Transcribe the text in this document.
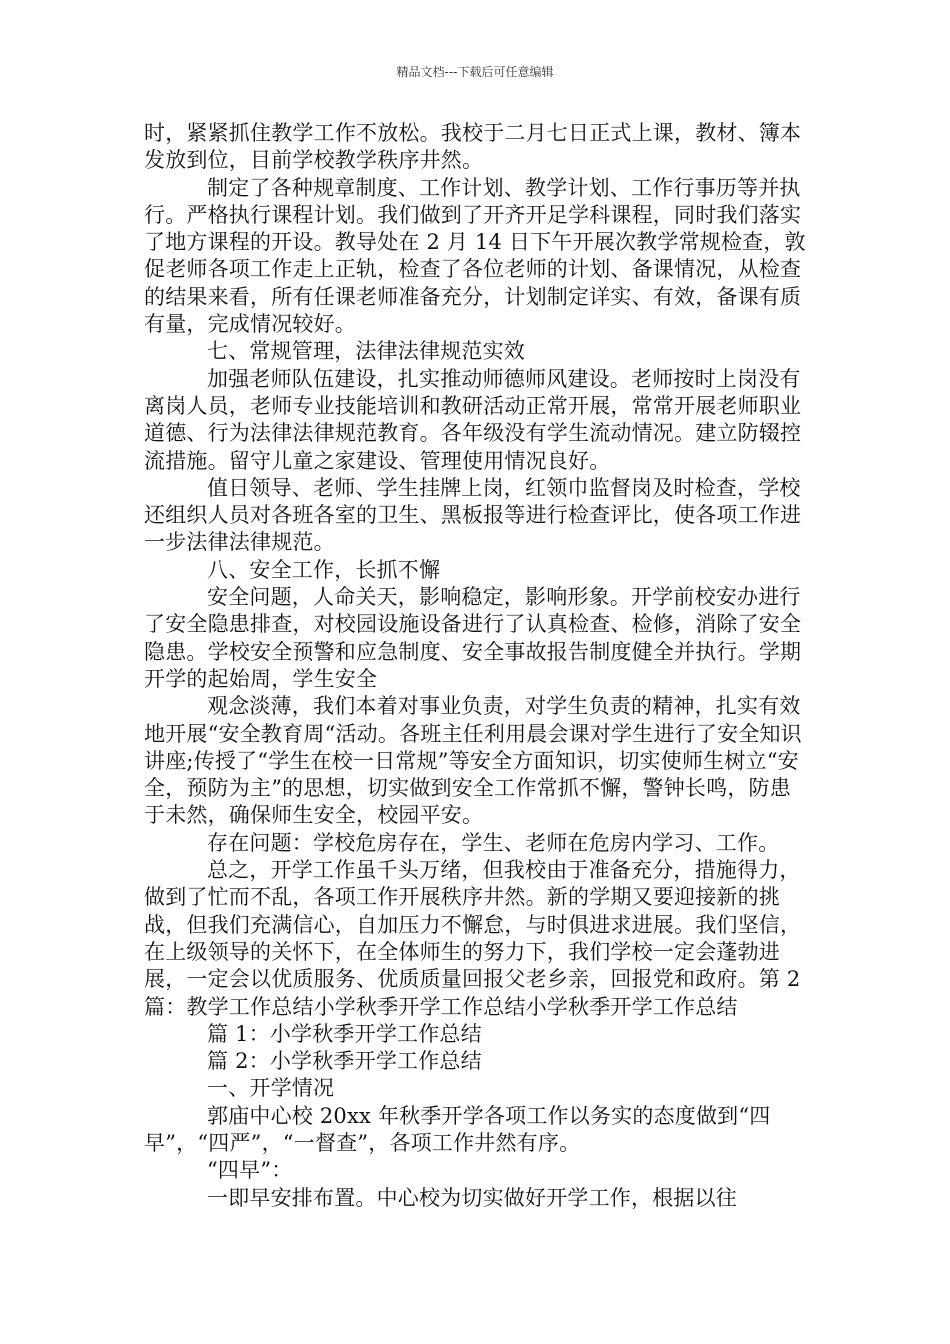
精品文档---下载后可任意编辑

时，紧紧抓住教学工作不放松。我校于二月七日正式上课，教材、簿本发放到位，目前学校教学秩序井然。

制定了各种规章制度、工作计划、教学计划、工作行事历等并执行。严格执行课程计划。我们做到了开齐开足学科课程，同时我们落实了地方课程的开设。教导处在 2 月 14 日下午开展次教学常规检查，敦促老师各项工作走上正轨，检查了各位老师的计划、备课情况，从检查的结果来看，所有任课老师准备充分，计划制定详实、有效，备课有质有量，完成情况较好。

七、常规管理，法律法律规范实效

加强老师队伍建设，扎实推动师德师风建设。老师按时上岗没有离岗人员，老师专业技能培训和教研活动正常开展，常常开展老师职业道德、行为法律法律规范教育。各年级没有学生流动情况。建立防辍控流措施。留守儿童之家建设、管理使用情况良好。

值日领导、老师、学生挂牌上岗，红领巾监督岗及时检查，学校还组织人员对各班各室的卫生、黑板报等进行检查评比，使各项工作进一步法律法律规范。

八、安全工作，长抓不懈

安全问题，人命关天，影响稳定，影响形象。开学前校安办进行了安全隐患排查，对校园设施设备进行了认真检查、检修，消除了安全隐患。学校安全预警和应急制度、安全事故报告制度健全并执行。学期开学的起始周，学生安全

观念淡薄，我们本着对事业负责，对学生负责的精神，扎实有效地开展“安全教育周“活动。各班主任利用晨会课对学生进行了安全知识讲座;传授了“学生在校一日常规”等安全方面知识，切实使师生树立“安全，预防为主”的思想，切实做到安全工作常抓不懈，警钟长鸣，防患于未然，确保师生安全，校园平安。

存在问题：学校危房存在，学生、老师在危房内学习、工作。

总之，开学工作虽千头万绪，但我校由于准备充分，措施得力，做到了忙而不乱，各项工作开展秩序井然。新的学期又要迎接新的挑战，但我们充满信心，自加压力不懈怠，与时俱进求进展。我们坚信，在上级领导的关怀下，在全体师生的努力下，我们学校一定会蓬勃进展，一定会以优质服务、优质质量回报父老乡亲，回报党和政府。第 2 篇：教学工作总结小学秋季开学工作总结小学秋季开学工作总结

篇 1：小学秋季开学工作总结

篇 2：小学秋季开学工作总结

一、开学情况

郭庙中心校 20xx 年秋季开学各项工作以务实的态度做到“四早”，“四严”，“一督查”，各项工作井然有序。

“四早”：

一即早安排布置。中心校为切实做好开学工作，根据以往
